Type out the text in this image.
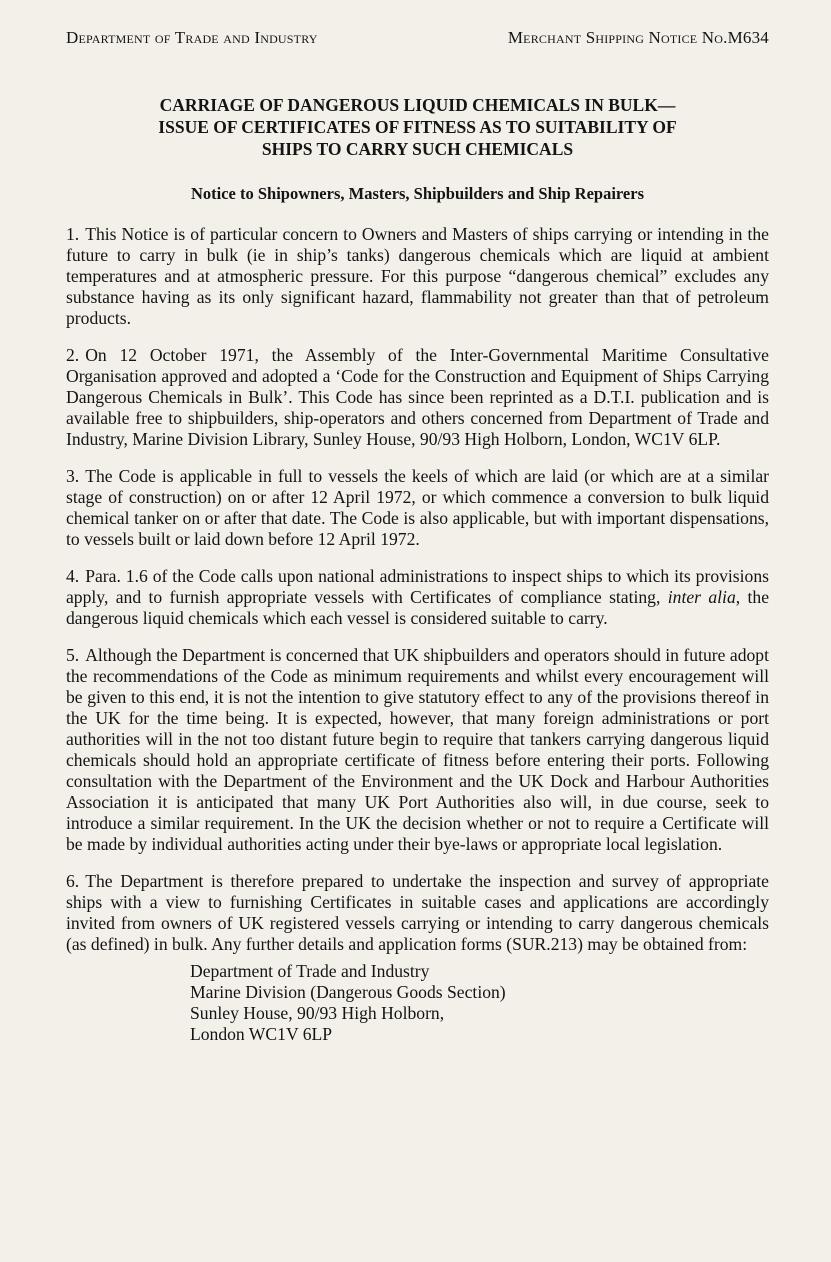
Department of Trade and Industry	Merchant Shipping Notice No.M634
CARRIAGE OF DANGEROUS LIQUID CHEMICALS IN BULK—
ISSUE OF CERTIFICATES OF FITNESS AS TO SUITABILITY OF
SHIPS TO CARRY SUCH CHEMICALS
Notice to Shipowners, Masters, Shipbuilders and Ship Repairers

1. This Notice is of particular concern to Owners and Masters of ships carrying or intending in the future to carry in bulk (ie in ship’s tanks) dangerous chemicals which are liquid at ambient temperatures and at atmospheric pressure. For this purpose “dangerous chemical” excludes any substance having as its only significant hazard, flammability not greater than that of petroleum products.

2. On 12 October 1971, the Assembly of the Inter-Governmental Maritime Consultative Organisation approved and adopted a ‘Code for the Construction and Equipment of Ships Carrying Dangerous Chemicals in Bulk’. This Code has since been reprinted as a D.T.I. publication and is available free to shipbuilders, ship-operators and others concerned from Department of Trade and Industry, Marine Division Library, Sunley House, 90/93 High Holborn, London, WC1V 6LP.

3. The Code is applicable in full to vessels the keels of which are laid (or which are at a similar stage of construction) on or after 12 April 1972, or which commence a conversion to bulk liquid chemical tanker on or after that date. The Code is also applicable, but with important dispensations, to vessels built or laid down before 12 April 1972.

4. Para. 1.6 of the Code calls upon national administrations to inspect ships to which its provisions apply, and to furnish appropriate vessels with Certificates of compliance stating, inter alia, the dangerous liquid chemicals which each vessel is considered suitable to carry.

5. Although the Department is concerned that UK shipbuilders and operators should in future adopt the recommendations of the Code as minimum requirements and whilst every encouragement will be given to this end, it is not the intention to give statutory effect to any of the provisions thereof in the UK for the time being. It is expected, however, that many foreign administrations or port authorities will in the not too distant future begin to require that tankers carrying dangerous liquid chemicals should hold an appropriate certificate of fitness before entering their ports. Following consultation with the Department of the Environment and the UK Dock and Harbour Authorities Association it is anticipated that many UK Port Authorities also will, in due course, seek to introduce a similar requirement. In the UK the decision whether or not to require a Certificate will be made by individual authorities acting under their bye-laws or appropriate local legislation.

6. The Department is therefore prepared to undertake the inspection and survey of appropriate ships with a view to furnishing Certificates in suitable cases and applications are accordingly invited from owners of UK registered vessels carrying or intending to carry dangerous chemicals (as defined) in bulk. Any further details and application forms (SUR.213) may be obtained from:

Department of Trade and Industry
Marine Division (Dangerous Goods Section)
Sunley House, 90/93 High Holborn,
London WC1V 6LP
